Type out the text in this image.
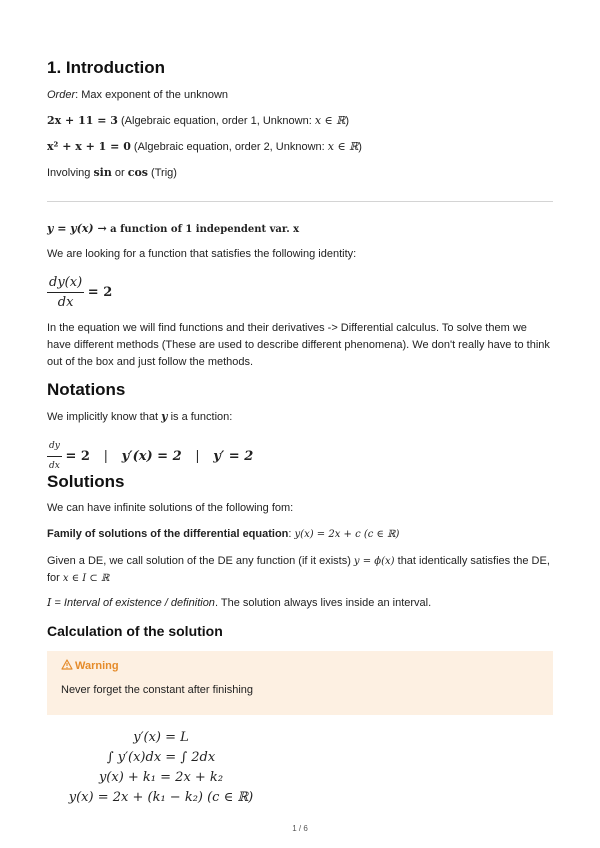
1. Introduction
Order: Max exponent of the unknown
2x + 11 = 3 (Algebraic equation, order 1, Unknown: x ∈ ℝ)
x² + x + 1 = 0 (Algebraic equation, order 2, Unknown: x ∈ ℝ)
Involving sin or cos (Trig)
y = y(x) → a function of 1 independent var. x
We are looking for a function that satisfies the following identity:
$\frac{dy(x)}{dx} = 2$
In the equation we will find functions and their derivatives -> Differential calculus. To solve them we have different methods (These are used to describe different phenomena). We don't really have to think out of the box and just follow the methods.
Notations
We implicitly know that y is a function:
$\frac{dy}{dx} = 2$ | y′(x) = 2 | y′ = 2
Solutions
We can have infinite solutions of the following fom:
Family of solutions of the differential equation: y(x) = 2x + c (c ∈ ℝ)
Given a DE, we call solution of the DE any function (if it exists) y = ϕ(x) that identically satisfies the DE,
for x ∈ I ⊂ ℝ
I = Interval of existence / definition. The solution always lives inside an interval.
Calculation of the solution
Warning
Never forget the constant after finishing
y′(x) = L
∫ y′(x)dx = ∫ 2dx
y(x) + k₁ = 2x + k₂
y(x) = 2x + (k₁ − k₂) (c ∈ ℝ)
1 / 6
